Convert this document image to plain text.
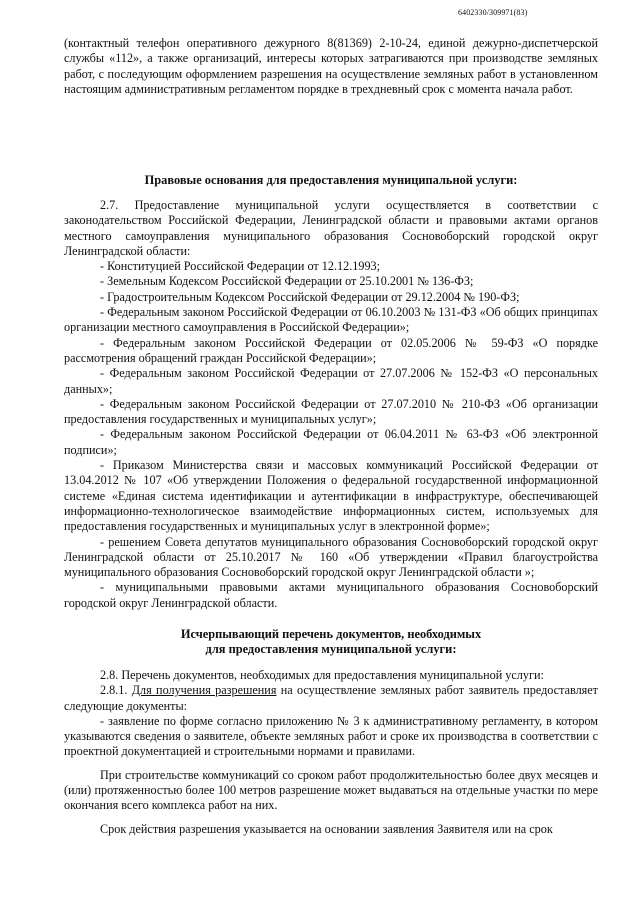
6402330/309971(83)

(контактный телефон оперативного дежурного 8(81369) 2-10-24, единой дежурно-диспетчерской службы «112», а также организаций, интересы которых затрагиваются при производстве земляных работ, с последующим оформлением разрешения на осуществление земляных работ в установленном настоящим административным регламентом порядке в трехдневный срок с момента начала работ.

Правовые основания для предоставления муниципальной услуги:

2.7. Предоставление муниципальной услуги осуществляется в соответствии с законодательством Российской Федерации, Ленинградской области и правовыми актами органов местного самоуправления муниципального образования Сосновоборский городской округ Ленинградской области:

- Конституцией Российской Федерации от 12.12.1993;

- Земельным Кодексом Российской Федерации от 25.10.2001 № 136-ФЗ;

- Градостроительным Кодексом Российской Федерации от 29.12.2004 № 190-ФЗ;

- Федеральным законом Российской Федерации от 06.10.2003 № 131-ФЗ «Об общих принципах организации местного самоуправления в Российской Федерации»;

- Федеральным законом Российской Федерации от 02.05.2006 № 59-ФЗ «О порядке рассмотрения обращений граждан Российской Федерации»;

- Федеральным законом Российской Федерации от 27.07.2006 № 152-ФЗ «О персональных данных»;

- Федеральным законом Российской Федерации от 27.07.2010 № 210-ФЗ «Об организации предоставления государственных и муниципальных услуг»;

- Федеральным законом Российской Федерации от 06.04.2011 № 63-ФЗ «Об электронной подписи»;

- Приказом Министерства связи и массовых коммуникаций Российской Федерации от 13.04.2012 № 107 «Об утверждении Положения о федеральной государственной информационной системе «Единая система идентификации и аутентификации в инфраструктуре, обеспечивающей информационно-технологическое взаимодействие информационных систем, используемых для предоставления государственных и муниципальных услуг в электронной форме»;

- решением Совета депутатов муниципального образования Сосновоборский городской округ Ленинградской области от 25.10.2017 № 160 «Об утверждении «Правил благоустройства муниципального образования Сосновоборский городской округ Ленинградской области »;

- муниципальными правовыми актами муниципального образования Сосновоборский городской округ Ленинградской области.

Исчерпывающий перечень документов, необходимых
для предоставления муниципальной услуги:

2.8. Перечень документов, необходимых для предоставления муниципальной услуги:

2.8.1. Для получения разрешения на осуществление земляных работ заявитель предоставляет следующие документы:

- заявление по форме согласно приложению № 3 к административному регламенту, в котором указываются сведения о заявителе, объекте земляных работ и сроке их производства в соответствии с проектной документацией и строительными нормами и правилами.

При строительстве коммуникаций со сроком работ продолжительностью более двух месяцев и (или) протяженностью более 100 метров разрешение может выдаваться на отдельные участки по мере окончания всего комплекса работ на них.

Срок действия разрешения указывается на основании заявления Заявителя или на срок
